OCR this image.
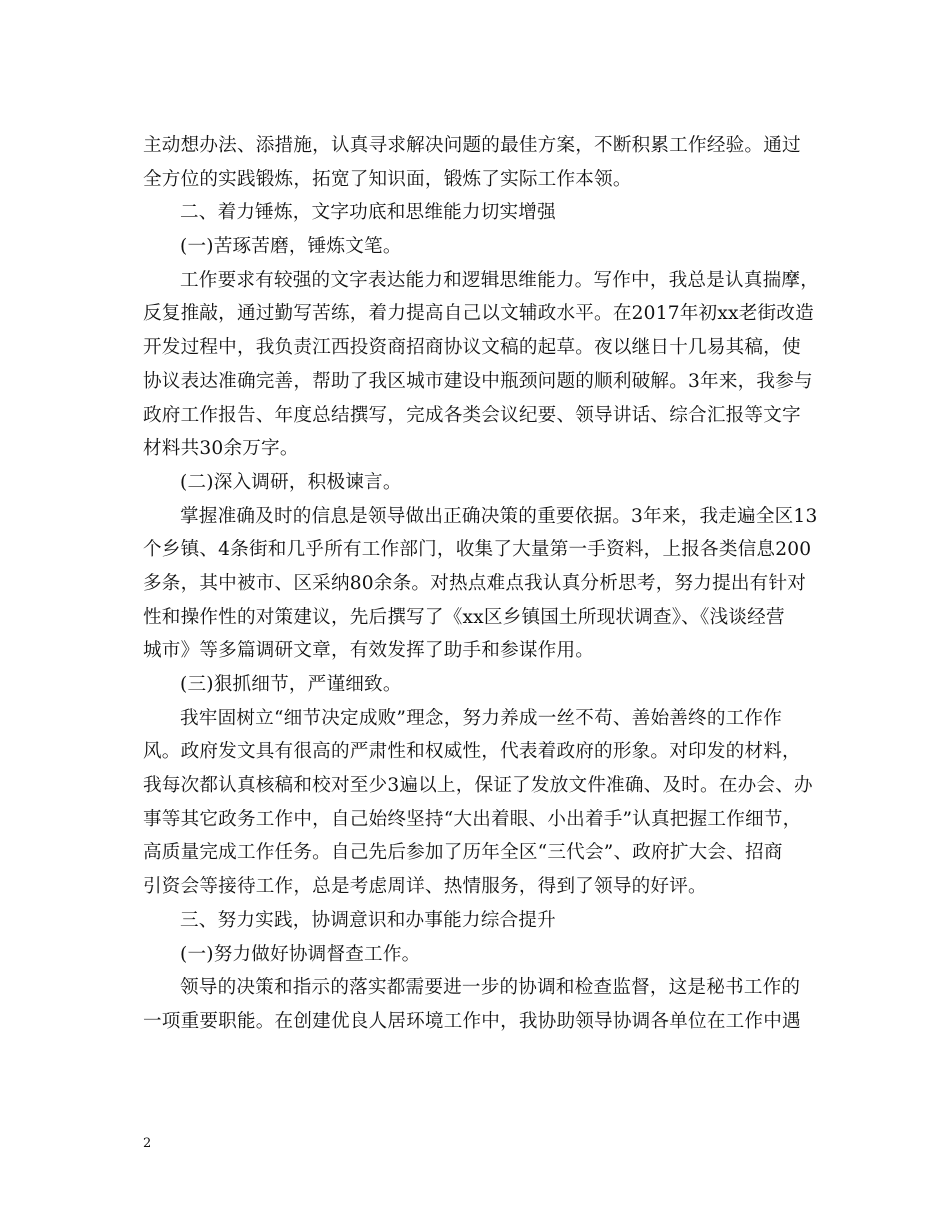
主动想办法、添措施，认真寻求解决问题的最佳方案，不断积累工作经验。通过
全方位的实践锻炼，拓宽了知识面，锻炼了实际工作本领。
二、着力锤炼，文字功底和思维能力切实增强
(一)苦琢苦磨，锤炼文笔。
工作要求有较强的文字表达能力和逻辑思维能力。写作中，我总是认真揣摩，
反复推敲，通过勤写苦练，着力提高自己以文辅政水平。在2017年初xx老街改造
开发过程中，我负责江西投资商招商协议文稿的起草。夜以继日十几易其稿，使
协议表达准确完善，帮助了我区城市建设中瓶颈问题的顺利破解。3年来，我参与
政府工作报告、年度总结撰写，完成各类会议纪要、领导讲话、综合汇报等文字
材料共30余万字。
(二)深入调研，积极谏言。
掌握准确及时的信息是领导做出正确决策的重要依据。3年来，我走遍全区13
个乡镇、4条街和几乎所有工作部门，收集了大量第一手资料，上报各类信息200
多条，其中被市、区采纳80余条。对热点难点我认真分析思考，努力提出有针对
性和操作性的对策建议，先后撰写了《xx区乡镇国土所现状调查》、《浅谈经营
城市》等多篇调研文章，有效发挥了助手和参谋作用。
(三)狠抓细节，严谨细致。
我牢固树立“细节决定成败”理念，努力养成一丝不苟、善始善终的工作作
风。政府发文具有很高的严肃性和权威性，代表着政府的形象。对印发的材料，
我每次都认真核稿和校对至少3遍以上，保证了发放文件准确、及时。在办会、办
事等其它政务工作中，自己始终坚持“大出着眼、小出着手”认真把握工作细节，
高质量完成工作任务。自己先后参加了历年全区“三代会”、政府扩大会、招商
引资会等接待工作，总是考虑周详、热情服务，得到了领导的好评。
三、努力实践，协调意识和办事能力综合提升
(一)努力做好协调督查工作。
领导的决策和指示的落实都需要进一步的协调和检查监督，这是秘书工作的
一项重要职能。在创建优良人居环境工作中，我协助领导协调各单位在工作中遇
2
